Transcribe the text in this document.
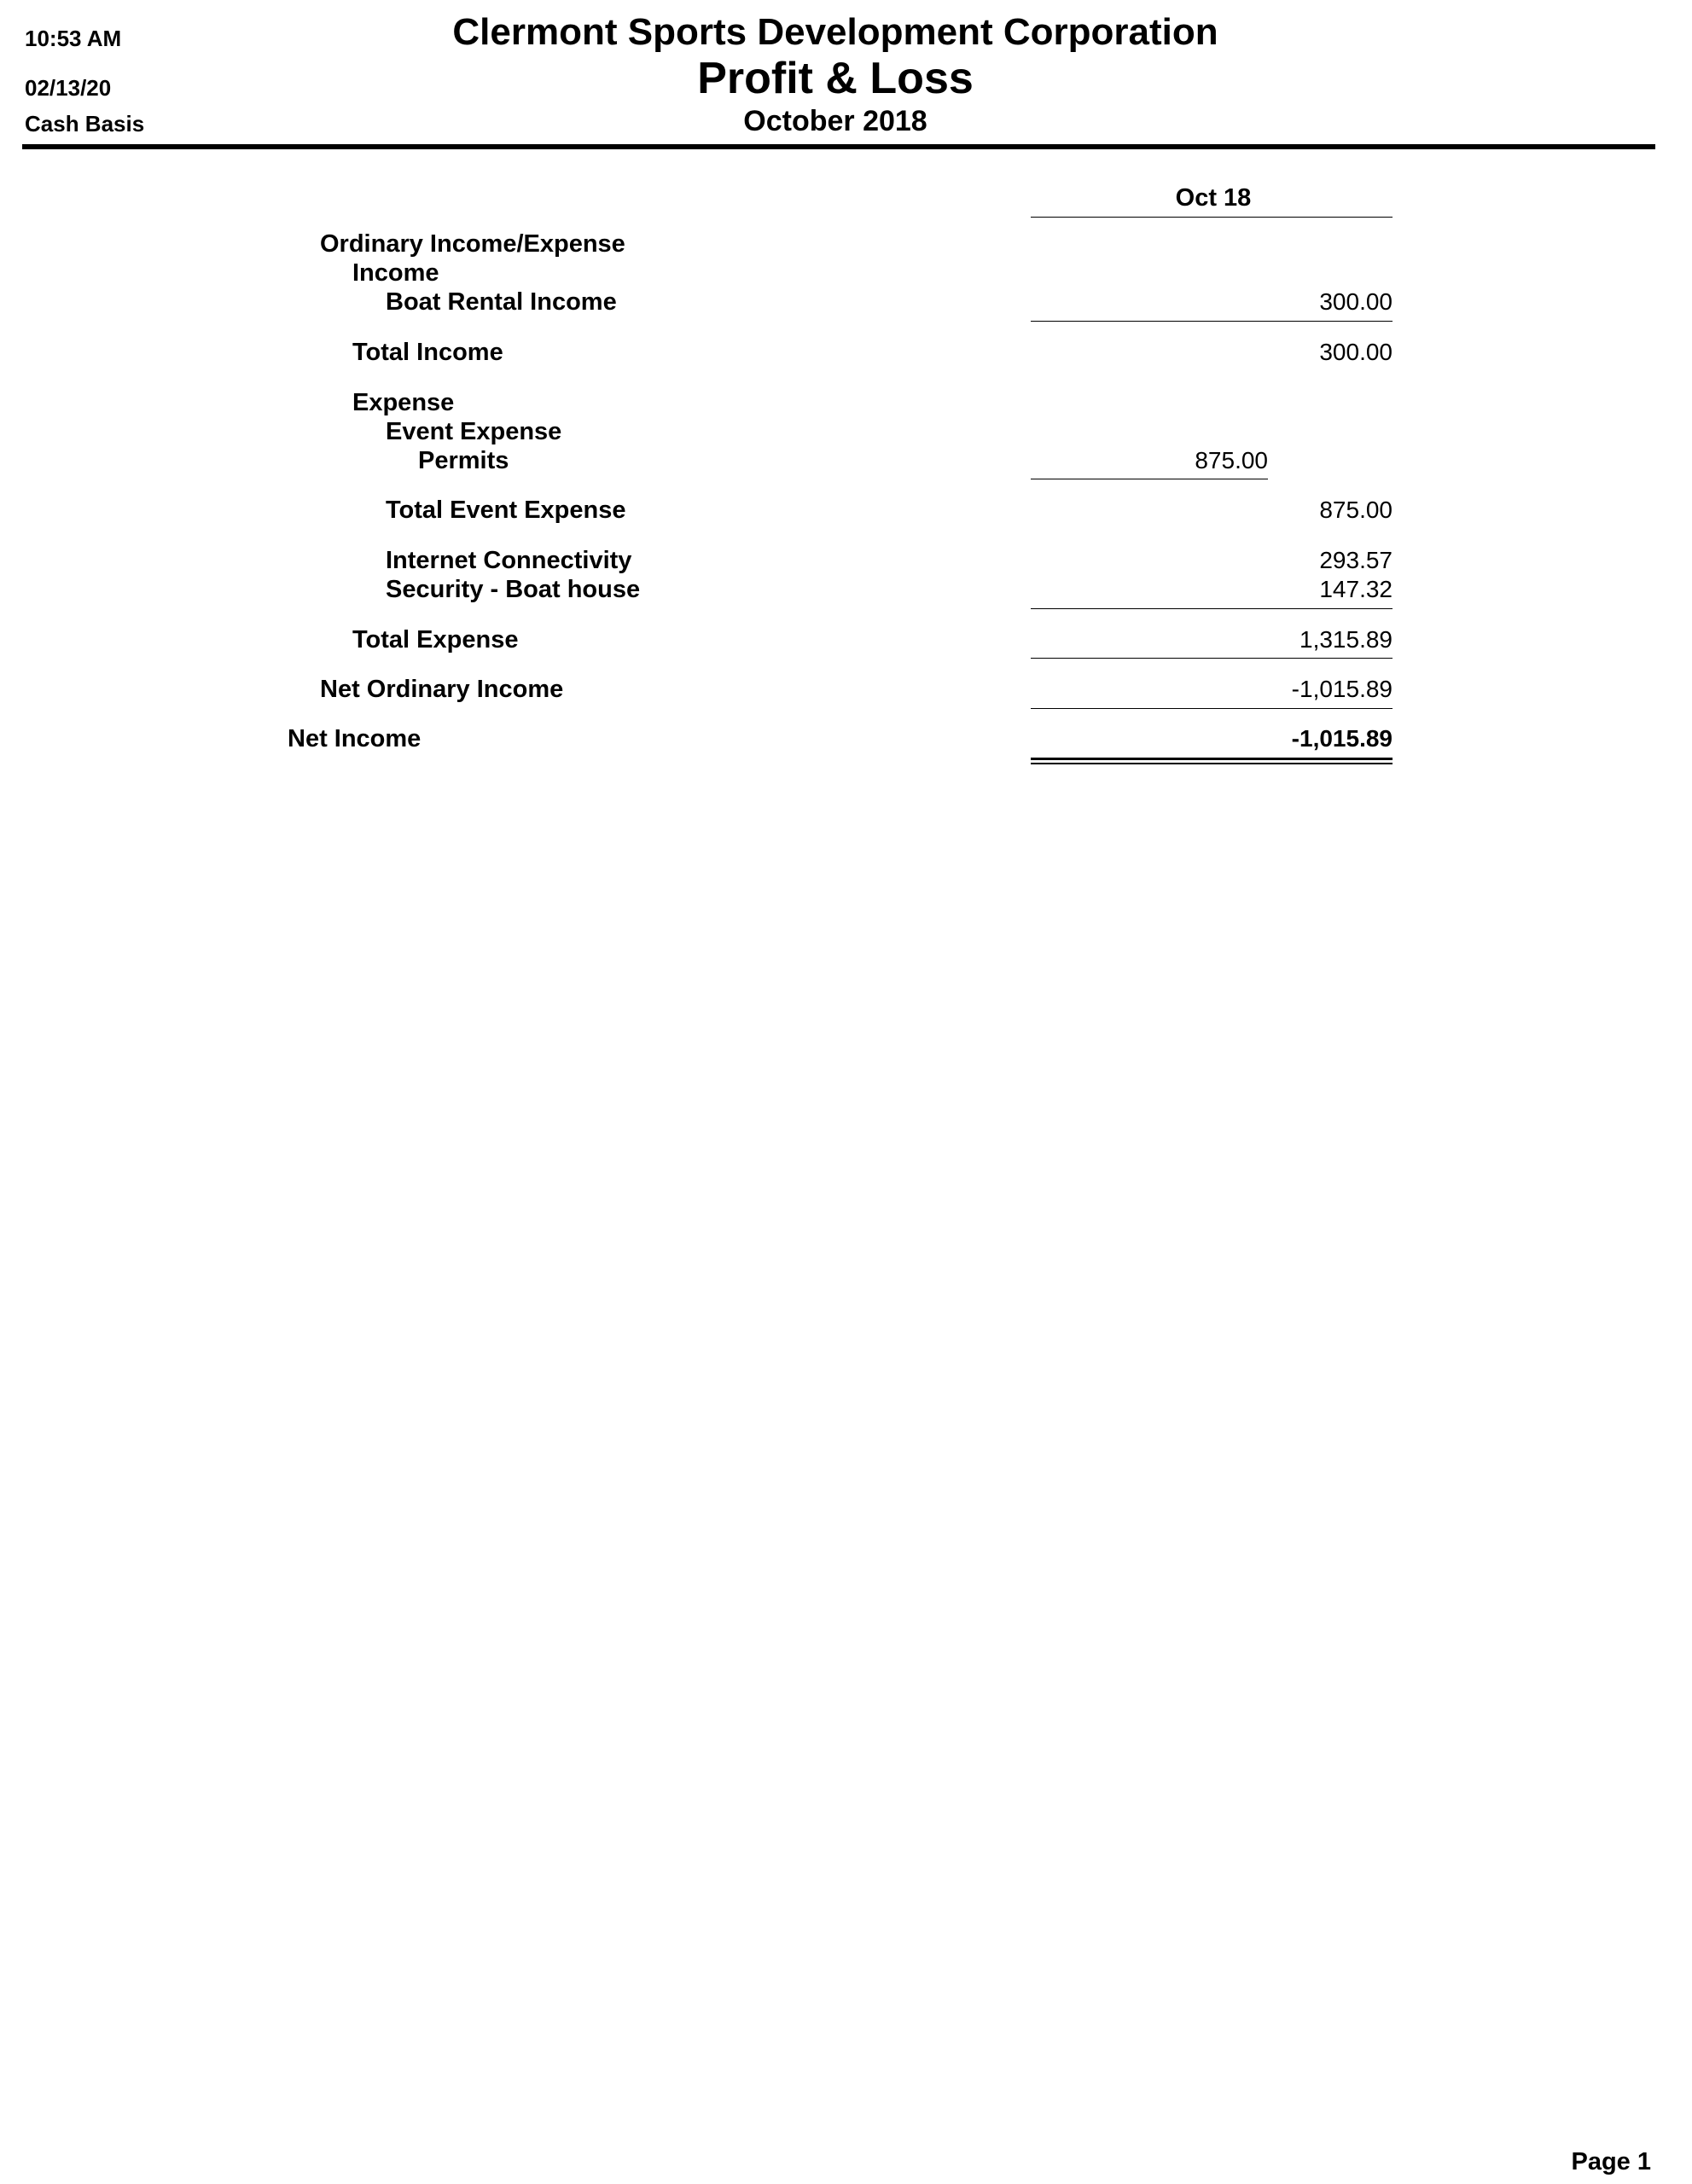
10:53 AM
02/13/20
Cash Basis
Clermont Sports Development Corporation
Profit & Loss
October 2018
Oct 18
Ordinary Income/Expense
Income
Boat Rental Income	300.00
Total Income	300.00
Expense
Event Expense
Permits	875.00
Total Event Expense	875.00
Internet Connectivity	293.57
Security - Boat house	147.32
Total Expense	1,315.89
Net Ordinary Income	-1,015.89
Net Income	-1,015.89
Page 1
